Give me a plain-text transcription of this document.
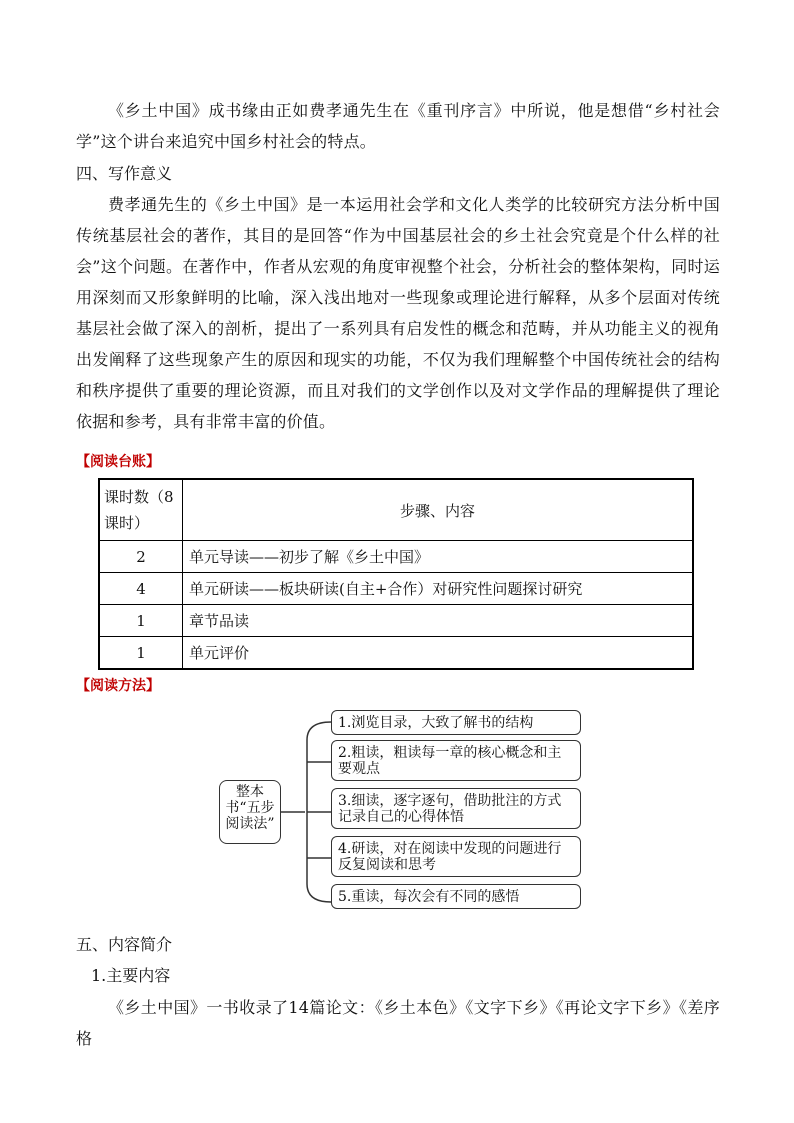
《乡土中国》成书缘由正如费孝通先生在《重刊序言》中所说，他是想借“乡村社会学”这个讲台来追究中国乡村社会的特点。

四、写作意义

费孝通先生的《乡土中国》是一本运用社会学和文化人类学的比较研究方法分析中国传统基层社会的著作，其目的是回答“作为中国基层社会的乡土社会究竟是个什么样的社会”这个问题。在著作中，作者从宏观的角度审视整个社会，分析社会的整体架构，同时运用深刻而又形象鲜明的比喻，深入浅出地对一些现象或理论进行解释，从多个层面对传统基层社会做了深入的剖析，提出了一系列具有启发性的概念和范畴，并从功能主义的视角出发阐释了这些现象产生的原因和现实的功能，不仅为我们理解整个中国传统社会的结构和秩序提供了重要的理论资源，而且对我们的文学创作以及对文学作品的理解提供了理论依据和参考，具有非常丰富的价值。

【阅读台账】
课时数（8课时）	步骤、内容
2	单元导读——初步了解《乡土中国》
4	单元研读——板块研读(自主+合作）对研究性问题探讨研究
1	章节品读
1	单元评价
【阅读方法】
整本书“五步阅读法”
1.浏览目录，大致了解书的结构
2.粗读，粗读每一章的核心概念和主要观点
3.细读，逐字逐句，借助批注的方式记录自己的心得体悟
4.研读，对在阅读中发现的问题进行反复阅读和思考
5.重读，每次会有不同的感悟

五、内容简介

1.主要内容

《乡土中国》一书收录了14篇论文：《乡土本色》《文字下乡》《再论文字下乡》《差序格
